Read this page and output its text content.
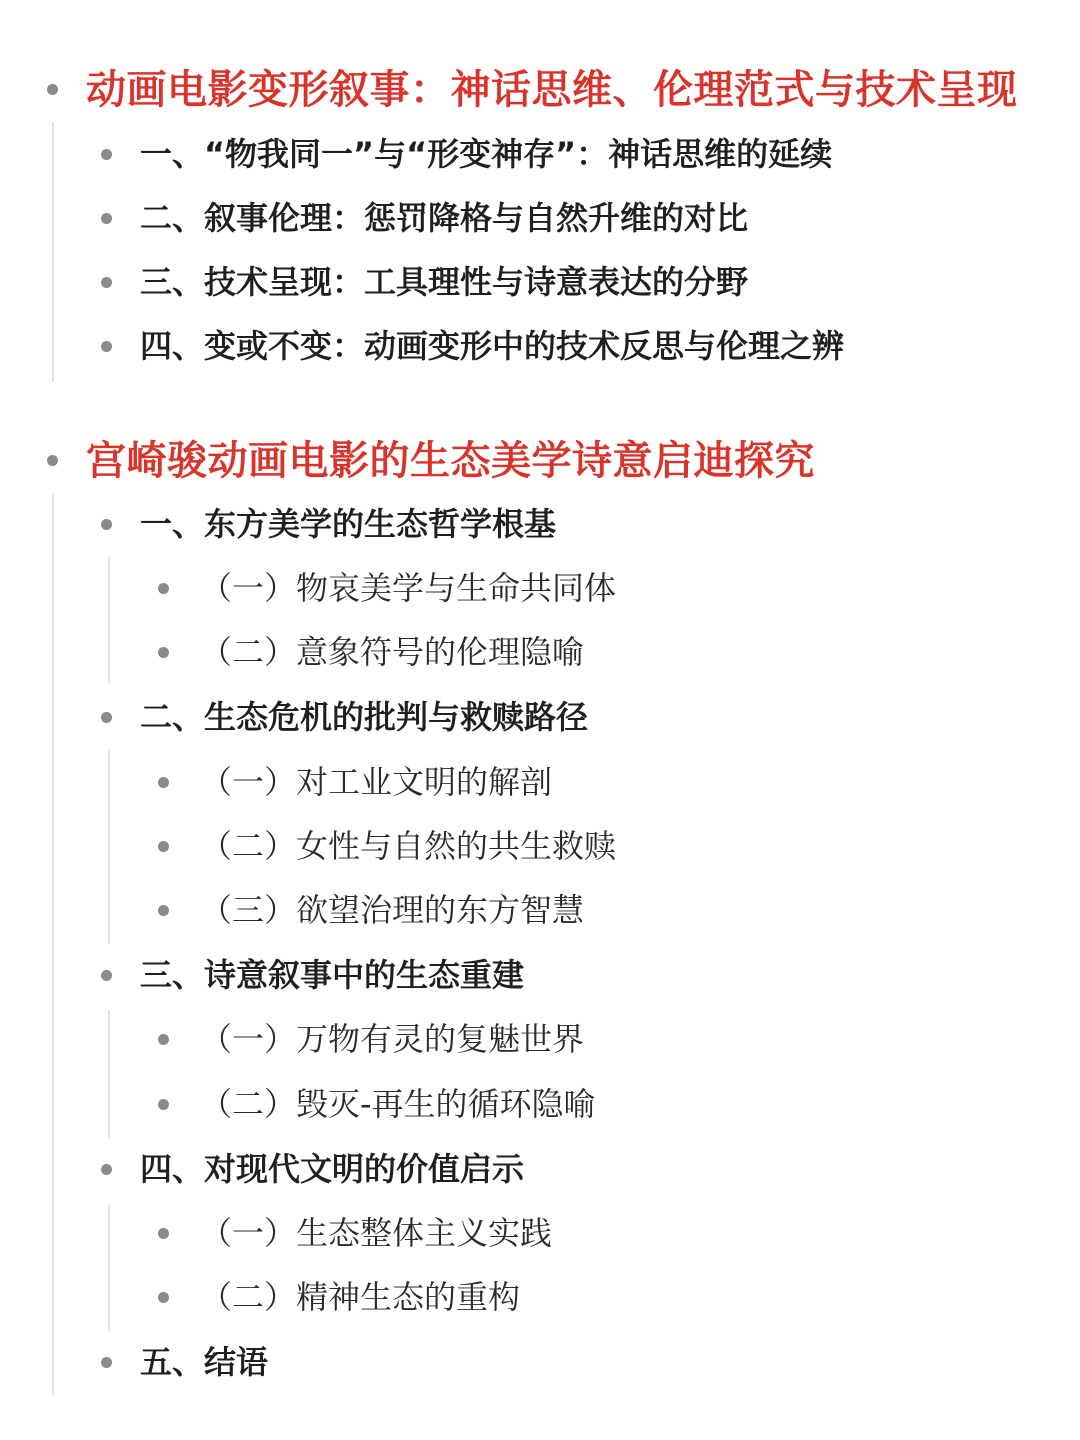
动画电影变形叙事：神话思维、伦理范式与技术呈现
一、“物我同一”与“形变神存”：神话思维的延续
二、叙事伦理：惩罚降格与自然升维的对比
三、技术呈现：工具理性与诗意表达的分野
四、变或不变：动画变形中的技术反思与伦理之辨
宫崎骏动画电影的生态美学诗意启迪探究
一、东方美学的生态哲学根基
（一）物哀美学与生命共同体
（二）意象符号的伦理隐喻
二、生态危机的批判与救赎路径
（一）对工业文明的解剖
（二）女性与自然的共生救赎
（三）欲望治理的东方智慧
三、诗意叙事中的生态重建
（一）万物有灵的复魅世界
（二）毁灭-再生的循环隐喻
四、对现代文明的价值启示
（一）生态整体主义实践
（二）精神生态的重构
五、结语
